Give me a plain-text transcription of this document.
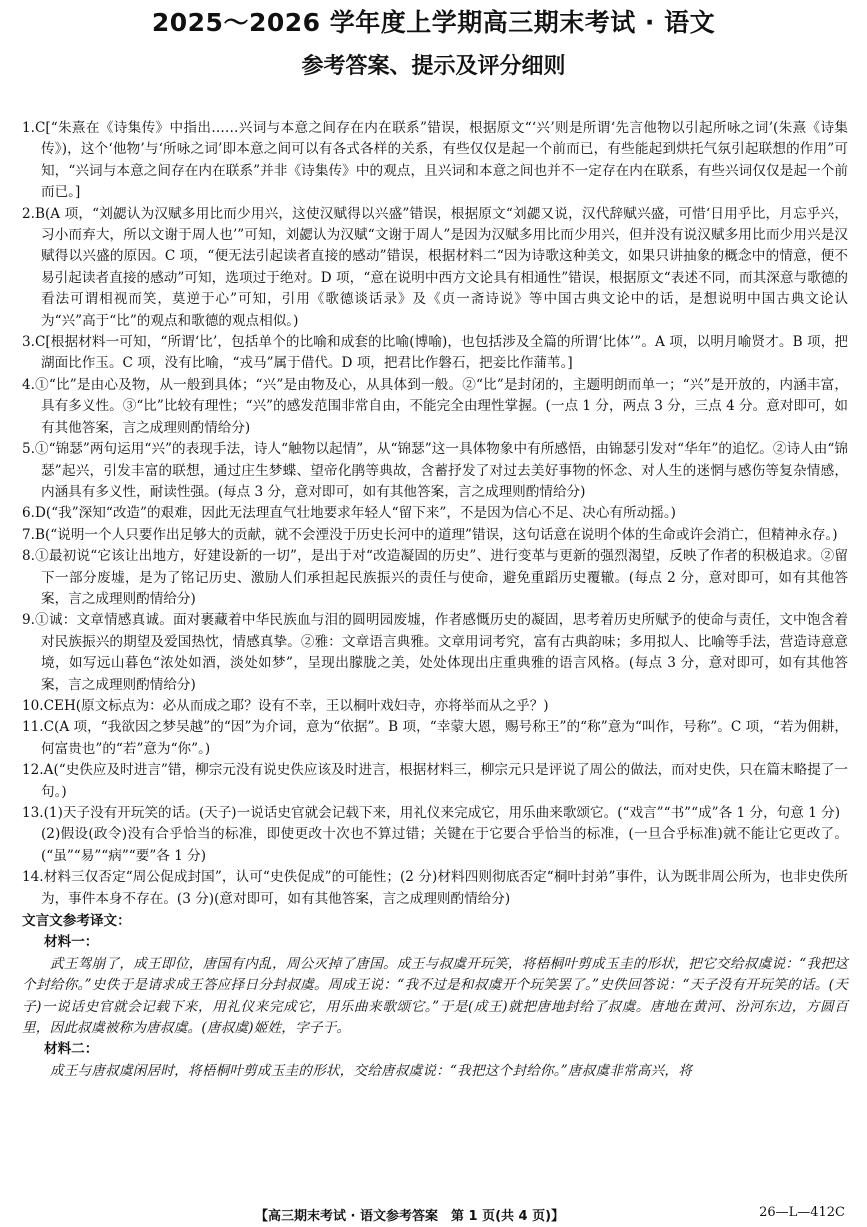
2025～2026 学年度上学期高三期末考试 · 语文
参考答案、提示及评分细则
1.C[“朱熹在《诗集传》中指出……兴词与本意之间存在内在联系”错误，根据原文“‘兴’则是所谓‘先言他物以引起所咏之词’(朱熹《诗集传》)，这个‘他物’与‘所咏之词’即本意之间可以有各式各样的关系，有些仅仅是起一个前而已，有些能起到烘托气氛引起联想的作用”可知，“兴词与本意之间存在内在联系”并非《诗集传》中的观点，且兴词和本意之间也并不一定存在内在联系，有些兴词仅仅是起一个前而已。]
2.B(A 项，“刘勰认为汉赋多用比而少用兴，这使汉赋得以兴盛”错误，根据原文“刘勰又说，汉代辞赋兴盛，可惜‘日用乎比，月忘乎兴，习小而弃大，所以文谢于周人也’”可知，刘勰认为汉赋“文谢于周人”是因为汉赋多用比而少用兴，但并没有说汉赋多用比而少用兴是汉赋得以兴盛的原因。C 项，“便无法引起读者直接的感动”错误，根据材料二“因为诗歌这种美文，如果只讲抽象的概念中的情意，便不易引起读者直接的感动”可知，选项过于绝对。D 项，“意在说明中西方文论具有相通性”错误，根据原文“表述不同，而其深意与歌德的看法可谓相视而笑，莫逆于心”可知，引用《歌德谈话录》及《贞一斋诗说》等中国古典文论中的话，是想说明中国古典文论认为“兴”高于“比”的观点和歌德的观点相似。)
3.C[根据材料一可知，“所谓‘比’，包括单个的比喻和成套的比喻(博喻)，也包括涉及全篇的所谓‘比体’”。A 项，以明月喻贤才。B 项，把湖面比作玉。C 项，没有比喻，“戎马”属于借代。D 项，把君比作磐石，把妾比作蒲苇。]
4.①“比”是由心及物，从一般到具体；“兴”是由物及心，从具体到一般。②“比”是封闭的，主题明朗而单一；“兴”是开放的，内涵丰富，具有多义性。③“比”比较有理性；“兴”的感发范围非常自由，不能完全由理性掌握。(一点 1 分，两点 3 分，三点 4 分。意对即可，如有其他答案，言之成理则酌情给分)
5.①“锦瑟”两句运用“兴”的表现手法，诗人“触物以起情”，从“锦瑟”这一具体物象中有所感悟，由锦瑟引发对“华年”的追忆。②诗人由“锦瑟”起兴，引发丰富的联想，通过庄生梦蝶、望帝化鹃等典故，含蓄抒发了对过去美好事物的怀念、对人生的迷惘与感伤等复杂情感，内涵具有多义性，耐读性强。(每点 3 分，意对即可，如有其他答案，言之成理则酌情给分)
6.D(“我”深知“改造”的艰难，因此无法理直气壮地要求年轻人“留下来”，不是因为信心不足、决心有所动摇。)
7.B(“说明一个人只要作出足够大的贡献，就不会湮没于历史长河中的道理”错误，这句话意在说明个体的生命或许会消亡，但精神永存。)
8.①最初说“它该让出地方，好建设新的一切”，是出于对“改造凝固的历史”、进行变革与更新的强烈渴望，反映了作者的积极追求。②留下一部分废墟，是为了铭记历史、激励人们承担起民族振兴的责任与使命，避免重蹈历史覆辙。(每点 2 分，意对即可，如有其他答案，言之成理则酌情给分)
9.①诚：文章情感真诚。面对裹藏着中华民族血与泪的圆明园废墟，作者感慨历史的凝固，思考着历史所赋予的使命与责任，文中饱含着对民族振兴的期望及爱国热忱，情感真挚。②雅：文章语言典雅。文章用词考究，富有古典韵味；多用拟人、比喻等手法，营造诗意意境，如写远山暮色“浓处如酒，淡处如梦”，呈现出朦胧之美，处处体现出庄重典雅的语言风格。(每点 3 分，意对即可，如有其他答案，言之成理则酌情给分)
10.CEH(原文标点为：必从而成之耶？设有不幸，王以桐叶戏妇寺，亦将举而从之乎？)
11.C(A 项，“我欲因之梦吴越”的“因”为介词，意为“依据”。B 项，“幸蒙大恩，赐号称王”的“称”意为“叫作，号称”。C 项，“若为佣耕，何富贵也”的“若”意为“你”。)
12.A(“史佚应及时进言”错，柳宗元没有说史佚应该及时进言，根据材料三，柳宗元只是评说了周公的做法，而对史佚，只在篇末略提了一句。)
13.(1)天子没有开玩笑的话。(天子)一说话史官就会记载下来，用礼仪来完成它，用乐曲来歌颂它。(“戏言”“书”“成”各 1 分，句意 1 分)
(2)假设(政令)没有合乎恰当的标准，即使更改十次也不算过错；关键在于它要合乎恰当的标准，(一旦合乎标准)就不能让它更改了。(“虽”“易”“病”“要”各 1 分)
14.材料三仅否定“周公促成封国”，认可“史佚促成”的可能性；(2 分)材料四则彻底否定“桐叶封弟”事件，认为既非周公所为，也非史佚所为，事件本身不存在。(3 分)(意对即可，如有其他答案，言之成理则酌情给分)
文言文参考译文：
材料一：
武王驾崩了，成王即位，唐国有内乱，周公灭掉了唐国。成王与叔虞开玩笑，将梧桐叶剪成玉圭的形状，把它交给叔虞说：“我把这个封给你。”史佚于是请求成王答应择日分封叔虞。周成王说：“我不过是和叔虞开个玩笑罢了。”史佚回答说：“天子没有开玩笑的话。(天子)一说话史官就会记载下来，用礼仪来完成它，用乐曲来歌颂它。”于是(成王)就把唐地封给了叔虞。唐地在黄河、汾河东边，方圆百里，因此叔虞被称为唐叔虞。(唐叔虞)姬姓，字子于。
材料二：
成王与唐叔虞闲居时，将梧桐叶剪成玉圭的形状，交给唐叔虞说：“我把这个封给你。”唐叔虞非常高兴，将
【高三期末考试 · 语文参考答案　第 1 页(共 4 页)】	26—L—412C
